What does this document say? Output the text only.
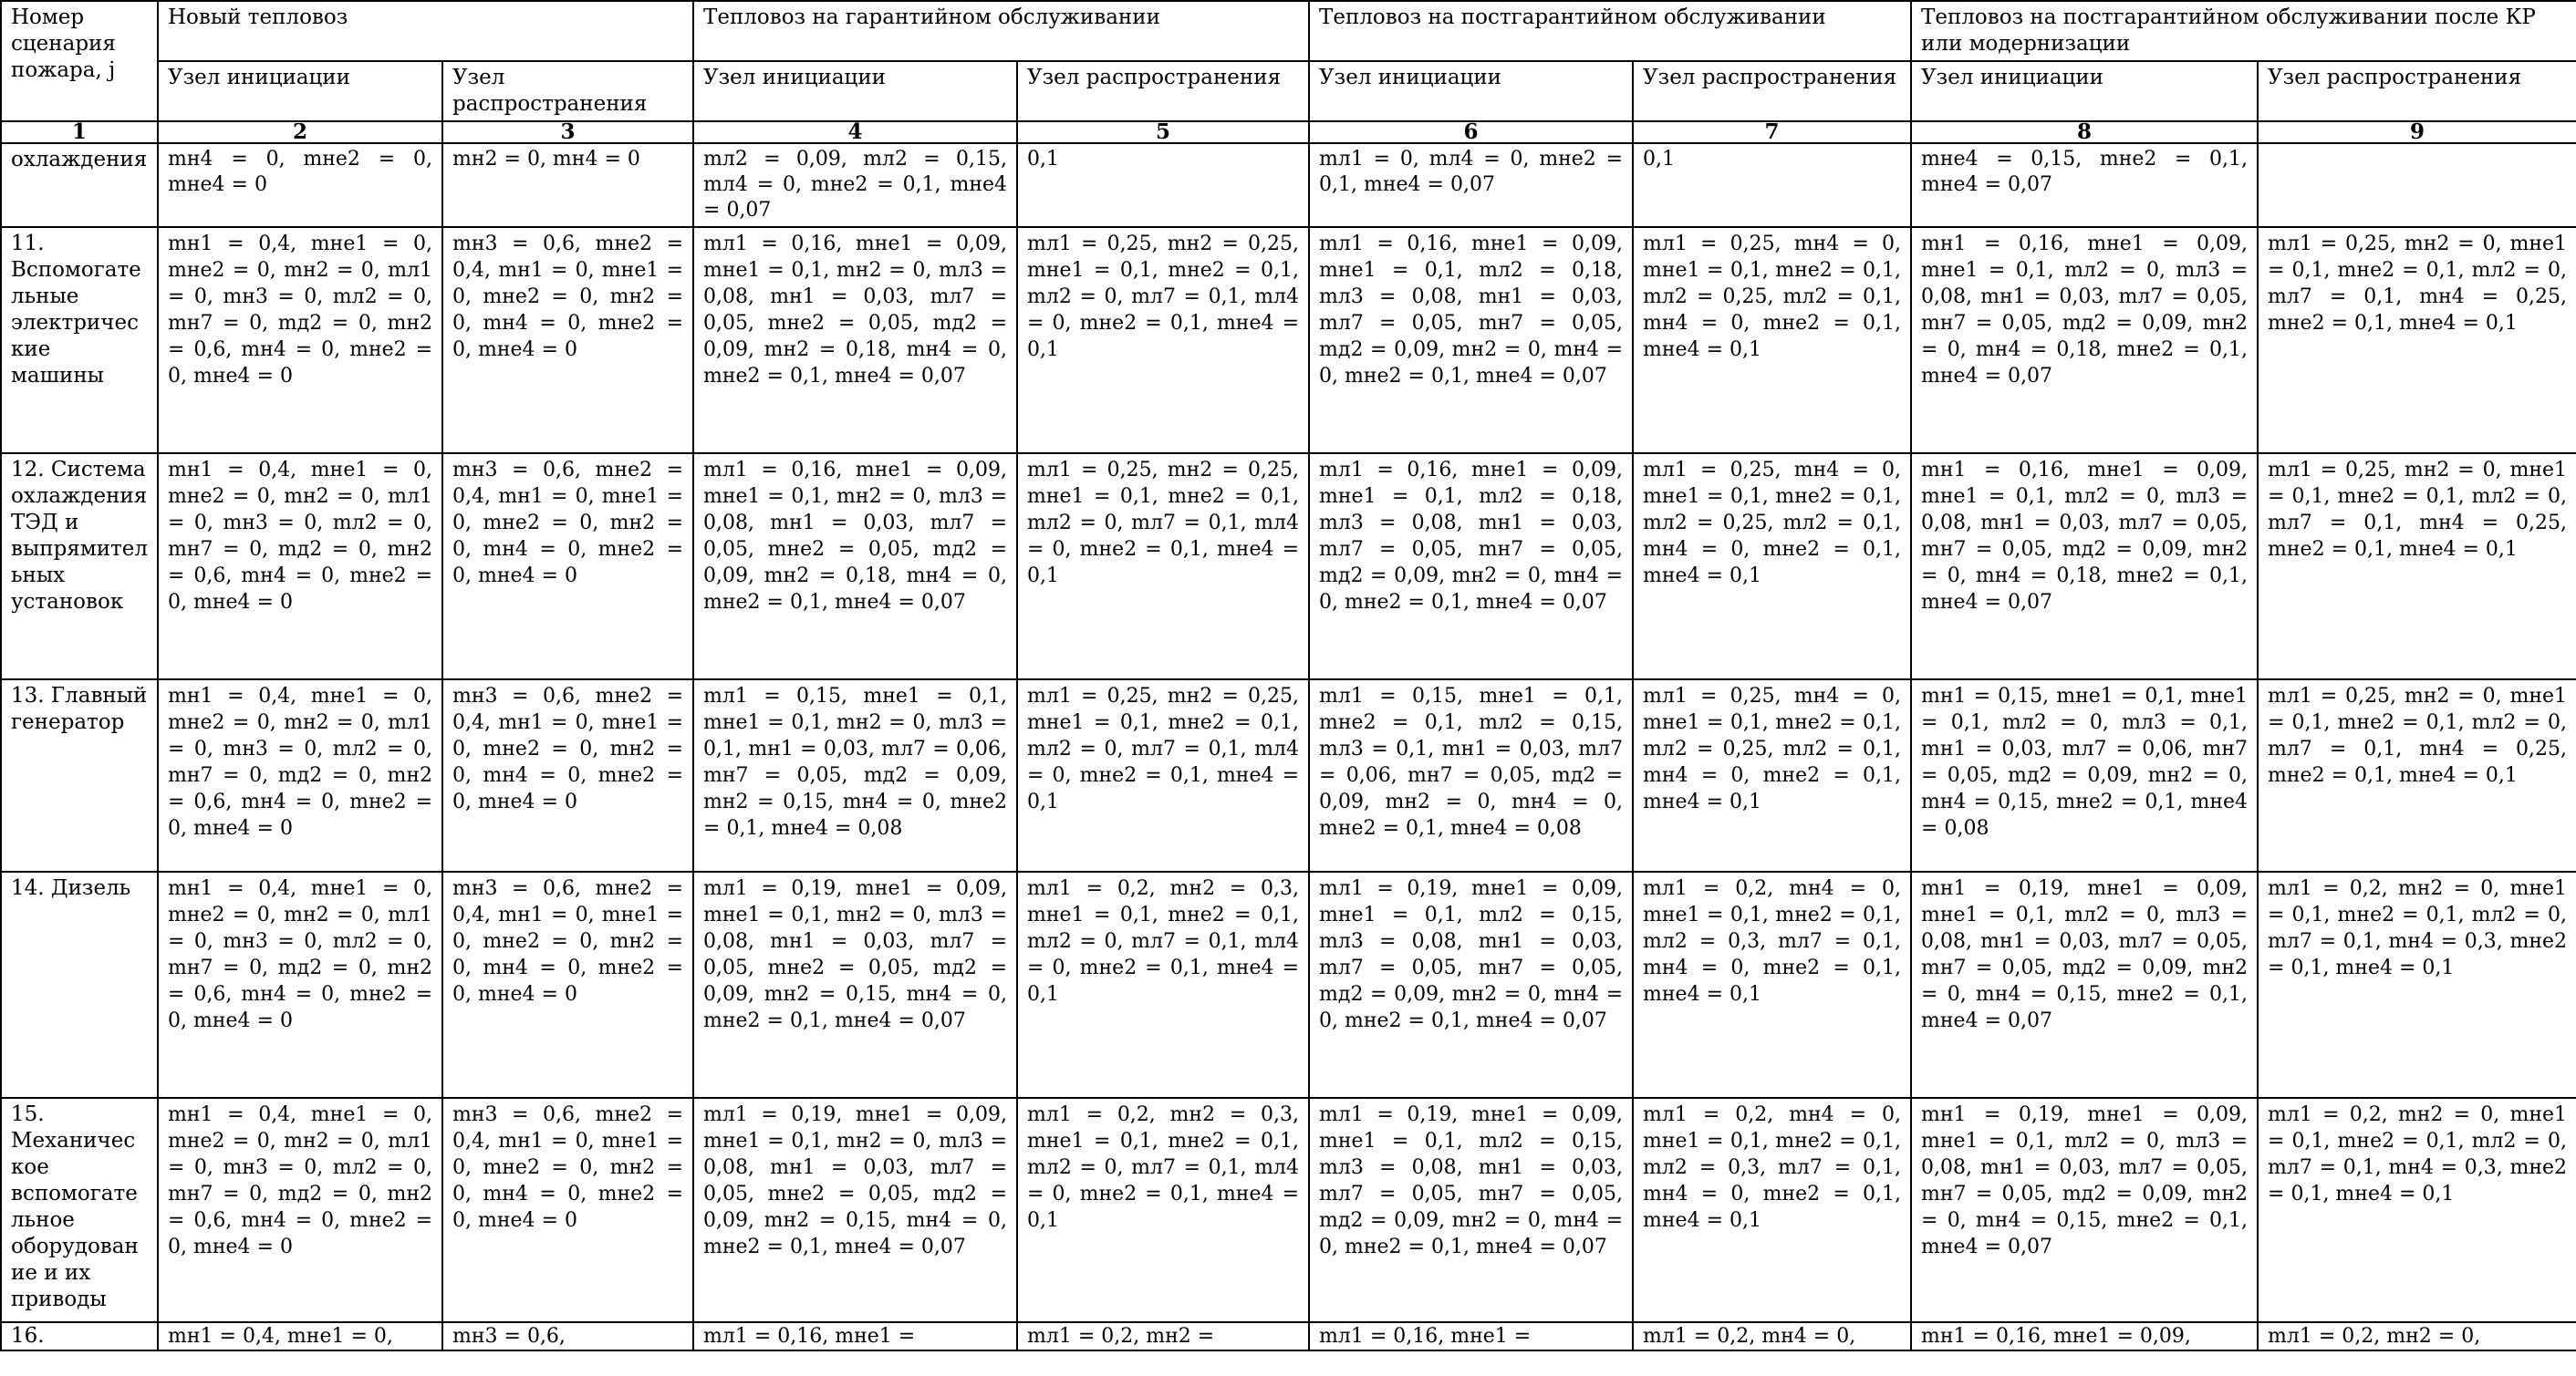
Номер сценария пожара, j	Новый тепловоз		Тепловоз на гарантийном обслуживании		Тепловоз на постгарантийном обслуживании		Тепловоз на постгарантийном обслуживании после КР или модернизации	
	Узел инициации	Узел распространения	Узел инициации	Узел распространения	Узел инициации	Узел распространения	Узел инициации	Узел распространения
1	2	3	4	5	6	7	8	9
охлаждения	mн4 = 0, mнe2 = 0, mнe4 = 0	mн2 = 0, mн4 = 0	mл2 = 0,09, mл2 = 0,15, mл4 = 0, mнe2 = 0,1, mнe4 = 0,07	0,1	mл1 = 0, mл4 = 0, mнe2 = 0,1, mнe4 = 0,07	0,1	mнe4 = 0,15, mнe2 = 0,1, mнe4 = 0,07	
11. Вспомогательные электрические машины	mн1 = 0,4, mнe1 = 0, mнe2 = 0, mн2 = 0, mл1 = 0, mн3 = 0, mл2 = 0, mн7 = 0, mд2 = 0, mн2 = 0,6, mн4 = 0, mнe2 = 0, mнe4 = 0	mн3 = 0,6, mнe2 = 0,4, mн1 = 0, mнe1 = 0, mнe2 = 0, mн2 = 0, mн4 = 0, mнe2 = 0, mнe4 = 0	mл1 = 0,16, mнe1 = 0,09, mнe1 = 0,1, mн2 = 0, mл3 = 0,08, mн1 = 0,03, mл7 = 0,05, mнe2 = 0,05, mд2 = 0,09, mн2 = 0,18, mн4 = 0, mнe2 = 0,1, mнe4 = 0,07	mл1 = 0,25, mн2 = 0,25, mнe1 = 0,1, mнe2 = 0,1, mл2 = 0, mл7 = 0,1, mл4 = 0, mнe2 = 0,1, mнe4 = 0,1	mл1 = 0,16, mнe1 = 0,09, mнe1 = 0,1, mл2 = 0,18, mл3 = 0,08, mн1 = 0,03, mл7 = 0,05, mн7 = 0,05, mд2 = 0,09, mн2 = 0, mн4 = 0, mнe2 = 0,1, mнe4 = 0,07	mл1 = 0,25, mн4 = 0, mнe1 = 0,1, mнe2 = 0,1, mл2 = 0,25, mл2 = 0,1, mн4 = 0, mнe2 = 0,1, mнe4 = 0,1	mн1 = 0,16, mнe1 = 0,09, mнe1 = 0,1, mл2 = 0, mл3 = 0,08, mн1 = 0,03, mл7 = 0,05, mн7 = 0,05, mд2 = 0,09, mн2 = 0, mн4 = 0,18, mнe2 = 0,1, mнe4 = 0,07	mл1 = 0,25, mн2 = 0, mнe1 = 0,1, mнe2 = 0,1, mл2 = 0, mл7 = 0,1, mн4 = 0,25, mнe2 = 0,1, mнe4 = 0,1
12. Система охлаждения ТЭД и выпрямительных установок	mн1 = 0,4, mнe1 = 0, mнe2 = 0, mн2 = 0, mл1 = 0, mн3 = 0, mл2 = 0, mн7 = 0, mд2 = 0, mн2 = 0,6, mн4 = 0, mнe2 = 0, mнe4 = 0	mн3 = 0,6, mнe2 = 0,4, mн1 = 0, mнe1 = 0, mнe2 = 0, mн2 = 0, mн4 = 0, mнe2 = 0, mнe4 = 0	mл1 = 0,16, mнe1 = 0,09, mнe1 = 0,1, mн2 = 0, mл3 = 0,08, mн1 = 0,03, mл7 = 0,05, mнe2 = 0,05, mд2 = 0,09, mн2 = 0,18, mн4 = 0, mнe2 = 0,1, mнe4 = 0,07	mл1 = 0,25, mн2 = 0,25, mнe1 = 0,1, mнe2 = 0,1, mл2 = 0, mл7 = 0,1, mл4 = 0, mнe2 = 0,1, mнe4 = 0,1	mл1 = 0,16, mнe1 = 0,09, mнe1 = 0,1, mл2 = 0,18, mл3 = 0,08, mн1 = 0,03, mл7 = 0,05, mн7 = 0,05, mд2 = 0,09, mн2 = 0, mн4 = 0, mнe2 = 0,1, mнe4 = 0,07	mл1 = 0,25, mн4 = 0, mнe1 = 0,1, mнe2 = 0,1, mл2 = 0,25, mл2 = 0,1, mн4 = 0, mнe2 = 0,1, mнe4 = 0,1	mн1 = 0,16, mнe1 = 0,09, mнe1 = 0,1, mл2 = 0, mл3 = 0,08, mн1 = 0,03, mл7 = 0,05, mн7 = 0,05, mд2 = 0,09, mн2 = 0, mн4 = 0,18, mнe2 = 0,1, mнe4 = 0,07	mл1 = 0,25, mн2 = 0, mнe1 = 0,1, mнe2 = 0,1, mл2 = 0, mл7 = 0,1, mн4 = 0,25, mнe2 = 0,1, mнe4 = 0,1
13. Главный генератор	mн1 = 0,4, mнe1 = 0, mнe2 = 0, mн2 = 0, mл1 = 0, mн3 = 0, mл2 = 0, mн7 = 0, mд2 = 0, mн2 = 0,6, mн4 = 0, mнe2 = 0, mнe4 = 0	mн3 = 0,6, mнe2 = 0,4, mн1 = 0, mнe1 = 0, mнe2 = 0, mн2 = 0, mн4 = 0, mнe2 = 0, mнe4 = 0	mл1 = 0,15, mнe1 = 0,1, mнe1 = 0,1, mн2 = 0, mл3 = 0,1, mн1 = 0,03, mл7 = 0,06, mн7 = 0,05, mд2 = 0,09, mн2 = 0,15, mн4 = 0, mнe2 = 0,1, mнe4 = 0,08	mл1 = 0,25, mн2 = 0,25, mнe1 = 0,1, mнe2 = 0,1, mл2 = 0, mл7 = 0,1, mл4 = 0, mнe2 = 0,1, mнe4 = 0,1	mл1 = 0,15, mнe1 = 0,1, mнe2 = 0,1, mл2 = 0,15, mл3 = 0,1, mн1 = 0,03, mл7 = 0,06, mн7 = 0,05, mд2 = 0,09, mн2 = 0, mн4 = 0, mнe2 = 0,1, mнe4 = 0,08	mл1 = 0,25, mн4 = 0, mнe1 = 0,1, mнe2 = 0,1, mл2 = 0,25, mл2 = 0,1, mн4 = 0, mнe2 = 0,1, mнe4 = 0,1	mн1 = 0,15, mнe1 = 0,1, mнe1 = 0,1, mл2 = 0, mл3 = 0,1, mн1 = 0,03, mл7 = 0,06, mн7 = 0,05, mд2 = 0,09, mн2 = 0, mн4 = 0,15, mнe2 = 0,1, mнe4 = 0,08	mл1 = 0,25, mн2 = 0, mнe1 = 0,1, mнe2 = 0,1, mл2 = 0, mл7 = 0,1, mн4 = 0,25, mнe2 = 0,1, mнe4 = 0,1
14. Дизель	mн1 = 0,4, mнe1 = 0, mнe2 = 0, mн2 = 0, mл1 = 0, mн3 = 0, mл2 = 0, mн7 = 0, mд2 = 0, mн2 = 0,6, mн4 = 0, mнe2 = 0, mнe4 = 0	mн3 = 0,6, mнe2 = 0,4, mн1 = 0, mнe1 = 0, mнe2 = 0, mн2 = 0, mн4 = 0, mнe2 = 0, mнe4 = 0	mл1 = 0,19, mнe1 = 0,09, mнe1 = 0,1, mн2 = 0, mл3 = 0,08, mн1 = 0,03, mл7 = 0,05, mнe2 = 0,05, mд2 = 0,09, mн2 = 0,15, mн4 = 0, mнe2 = 0,1, mнe4 = 0,07	mл1 = 0,2, mн2 = 0,3, mнe1 = 0,1, mнe2 = 0,1, mл2 = 0, mл7 = 0,1, mл4 = 0, mнe2 = 0,1, mнe4 = 0,1	mл1 = 0,19, mнe1 = 0,09, mнe1 = 0,1, mл2 = 0,15, mл3 = 0,08, mн1 = 0,03, mл7 = 0,05, mн7 = 0,05, mд2 = 0,09, mн2 = 0, mн4 = 0, mнe2 = 0,1, mнe4 = 0,07	mл1 = 0,2, mн4 = 0, mнe1 = 0,1, mнe2 = 0,1, mл2 = 0,3, mл7 = 0,1, mн4 = 0, mнe2 = 0,1, mнe4 = 0,1	mн1 = 0,19, mнe1 = 0,09, mнe1 = 0,1, mл2 = 0, mл3 = 0,08, mн1 = 0,03, mл7 = 0,05, mн7 = 0,05, mд2 = 0,09, mн2 = 0, mн4 = 0,15, mнe2 = 0,1, mнe4 = 0,07	mл1 = 0,2, mн2 = 0, mнe1 = 0,1, mнe2 = 0,1, mл2 = 0, mл7 = 0,1, mн4 = 0,3, mнe2 = 0,1, mнe4 = 0,1
15. Механическое вспомогательное оборудование и их приводы	mн1 = 0,4, mнe1 = 0, mнe2 = 0, mн2 = 0, mл1 = 0, mн3 = 0, mл2 = 0, mн7 = 0, mд2 = 0, mн2 = 0,6, mн4 = 0, mнe2 = 0, mнe4 = 0	mн3 = 0,6, mнe2 = 0,4, mн1 = 0, mнe1 = 0, mнe2 = 0, mн2 = 0, mн4 = 0, mнe2 = 0, mнe4 = 0	mл1 = 0,19, mнe1 = 0,09, mнe1 = 0,1, mн2 = 0, mл3 = 0,08, mн1 = 0,03, mл7 = 0,05, mнe2 = 0,05, mд2 = 0,09, mн2 = 0,15, mн4 = 0, mнe2 = 0,1, mнe4 = 0,07	mл1 = 0,2, mн2 = 0,3, mнe1 = 0,1, mнe2 = 0,1, mл2 = 0, mл7 = 0,1, mл4 = 0, mнe2 = 0,1, mнe4 = 0,1	mл1 = 0,19, mнe1 = 0,09, mнe1 = 0,1, mл2 = 0,15, mл3 = 0,08, mн1 = 0,03, mл7 = 0,05, mн7 = 0,05, mд2 = 0,09, mн2 = 0, mн4 = 0, mнe2 = 0,1, mнe4 = 0,07	mл1 = 0,2, mн4 = 0, mнe1 = 0,1, mнe2 = 0,1, mл2 = 0,3, mл7 = 0,1, mн4 = 0, mнe2 = 0,1, mнe4 = 0,1	mн1 = 0,19, mнe1 = 0,09, mнe1 = 0,1, mл2 = 0, mл3 = 0,08, mн1 = 0,03, mл7 = 0,05, mн7 = 0,05, mд2 = 0,09, mн2 = 0, mн4 = 0,15, mнe2 = 0,1, mнe4 = 0,07	mл1 = 0,2, mн2 = 0, mнe1 = 0,1, mнe2 = 0,1, mл2 = 0, mл7 = 0,1, mн4 = 0,3, mнe2 = 0,1, mнe4 = 0,1
16.	mн1 = 0,4, mнe1 = 0,	mн3 = 0,6,	mл1 = 0,16, mнe1 =	mл1 = 0,2, mн2 =	mл1 = 0,16, mнe1 =	mл1 = 0,2, mн4 = 0,	mн1 = 0,16, mнe1 = 0,09,	mл1 = 0,2, mн2 = 0,
